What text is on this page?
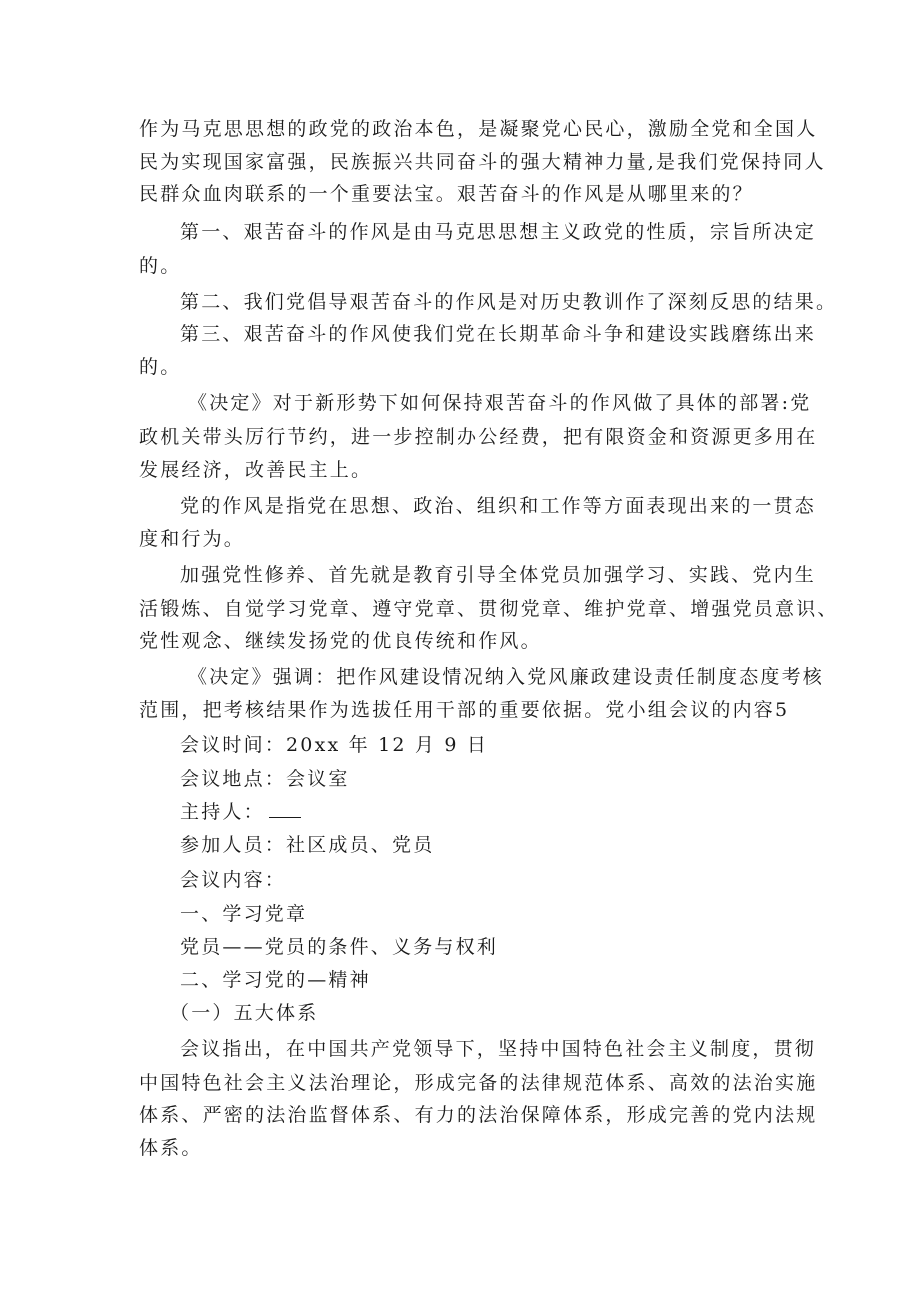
作为马克思思想的政党的政治本色，是凝聚党心民心，激励全党和全国人
民为实现国家富强，民族振兴共同奋斗的强大精神力量,是我们党保持同人
民群众血肉联系的一个重要法宝。艰苦奋斗的作风是从哪里来的？
第一、艰苦奋斗的作风是由马克思思想主义政党的性质，宗旨所决定
的。
第二、我们党倡导艰苦奋斗的作风是对历史教训作了深刻反思的结果。
第三、艰苦奋斗的作风使我们党在长期革命斗争和建设实践磨练出来
的。
《决定》对于新形势下如何保持艰苦奋斗的作风做了具体的部署:党
政机关带头厉行节约，进一步控制办公经费，把有限资金和资源更多用在
发展经济，改善民主上。
党的作风是指党在思想、政治、组织和工作等方面表现出来的一贯态
度和行为。
加强党性修养、首先就是教育引导全体党员加强学习、实践、党内生
活锻炼、自觉学习党章、遵守党章、贯彻党章、维护党章、增强党员意识、
党性观念、继续发扬党的优良传统和作风。
《决定》强调：把作风建设情况纳入党风廉政建设责任制度态度考核
范围，把考核结果作为选拔任用干部的重要依据。党小组会议的内容5
会议时间：20xx 年 12 月 9 日
会议地点：会议室
主持人：
参加人员：社区成员、党员
会议内容：
一、学习党章
党员——党员的条件、义务与权利
二、学习党的—精神
（一）五大体系
会议指出，在中国共产党领导下，坚持中国特色社会主义制度，贯彻
中国特色社会主义法治理论，形成完备的法律规范体系、高效的法治实施
体系、严密的法治监督体系、有力的法治保障体系，形成完善的党内法规
体系。
